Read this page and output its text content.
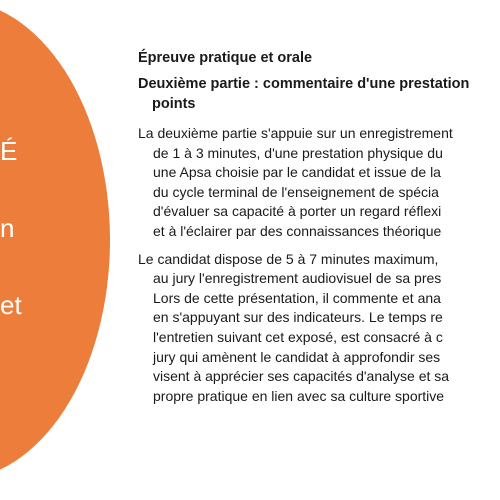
É
n
et
Épreuve pratique et orale
Deuxième partie : commentaire d'une prestation
points
La deuxième partie s'appuie sur un enregistrement
de 1 à 3 minutes, d'une prestation physique du
une Apsa choisie par le candidat et issue de la
du cycle terminal de l'enseignement de spécia
d'évaluer sa capacité à porter un regard réflexi
et à l'éclairer par des connaissances théorique
Le candidat dispose de 5 à 7 minutes maximum,
au jury l'enregistrement audiovisuel de sa pres
Lors de cette présentation, il commente et ana
en s'appuyant sur des indicateurs. Le temps re
l'entretien suivant cet exposé, est consacré à c
jury qui amènent le candidat à approfondir ses
visent à apprécier ses capacités d'analyse et sa
propre pratique en lien avec sa culture sportive
